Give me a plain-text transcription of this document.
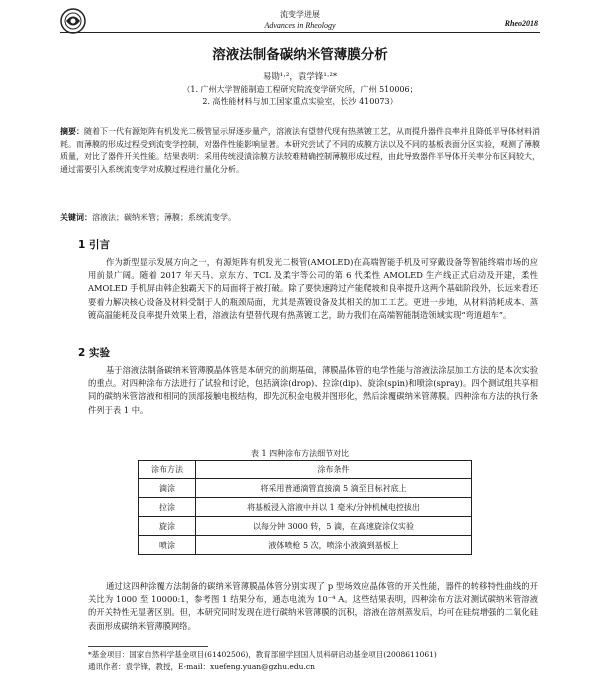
流变学进展
Advances in Rheology	Rheo2018
溶液法制备碳纳米管薄膜分析
易勋¹·²，袁学锋¹·²*
（1. 广州大学智能制造工程研究院流变学研究所，广州 510006；
2. 高性能材料与加工国家重点实验室，长沙 410073）
摘要：随着下一代有源矩阵有机发光二极管显示屏逐步量产，溶液法有望替代现有热蒸镀工艺，从而提升器件良率并且降低半导体材料消耗。而薄膜的形成过程受到流变学控制，对器件性能影响显著。本研究尝试了不同的成膜方法以及不同的基板表面分区实验，观测了薄膜质量，对比了器件开关性能。结果表明：采用传统浸渍涂膜方法较难精确控制薄膜形成过程，由此导致器件半导体开关率分布区间较大，通过需要引入系统流变学对成膜过程进行量化分析。
关键词：溶液法；碳纳米管；薄膜；系统流变学。
1 引言
作为新型显示发展方向之一，有源矩阵有机发光二极管(AMOLED)在高端智能手机及可穿戴设备等智能终端市场的应用前景广阔。随着 2017 年天马、京东方、TCL 及柔宇等公司的第 6 代柔性 AMOLED 生产线正式启动及开建，柔性 AMOLED 手机屏由韩企独霸天下的局面将于被打破。除了要快速跨过产能爬坡和良率提升这两个基础阶段外，长远来看还要着力解决核心设备及材料受制于人的瓶颈局面，尤其是蒸镀设备及其相关的加工工艺。更进一步地，从材料消耗成本、蒸镀高温能耗及良率提升效果上看，溶液法有望替代现有热蒸镀工艺，助力我们在高端智能制造领域实现“弯道超车”。
2 实验
基于溶液法制备碳纳米管薄膜晶体管是本研究的前期基础，薄膜晶体管的电学性能与溶液法涂层加工方法的是本次实验的重点。对四种涂布方法进行了试验和讨论，包括滴涂(drop)、拉涂(dip)、旋涂(spin)和喷涂(spray)。四个测试组共享相同的碳纳米管溶液和相同的顶部接触电极结构，即先沉积金电极并图形化，然后涂覆碳纳米管薄膜。四种涂布方法的执行条件列于表 1 中。
表 1 四种涂布方法细节对比
涂布方法	涂布条件
滴涂	将采用普通滴管直接滴 5 滴至目标衬底上
拉涂	将基板浸入溶液中并以 1 毫米/分钟机械电控拔出
旋涂	以每分钟 3000 转，5 滴，在高速旋涂仪实验
喷涂	液体喷枪 5 次，喷涂小液滴到基板上
通过这四种涂覆方法制备的碳纳米管薄膜晶体管分别实现了 p 型场效应晶体管的开关性能，器件的转移特性曲线的开关比为 1000 至 10000:1，参考图 1 结果分布，通态电流为 10⁻⁴ A。这些结果表明，四种涂布方法对测试碳纳米管溶液的开关特性无显著区别。但，本研究同时发现在进行碳纳米管薄膜的沉积，溶液在溶剂蒸发后，均可在硅烷增强的二氧化硅表面形成碳纳米管薄膜网络。
*基金项目：国家自然科学基金项目(61402506)，教育部留学回国人员科研启动基金项目(2008611061)
通讯作者：袁学锋，教授，E-mail：xuefeng.yuan@gzhu.edu.cn
